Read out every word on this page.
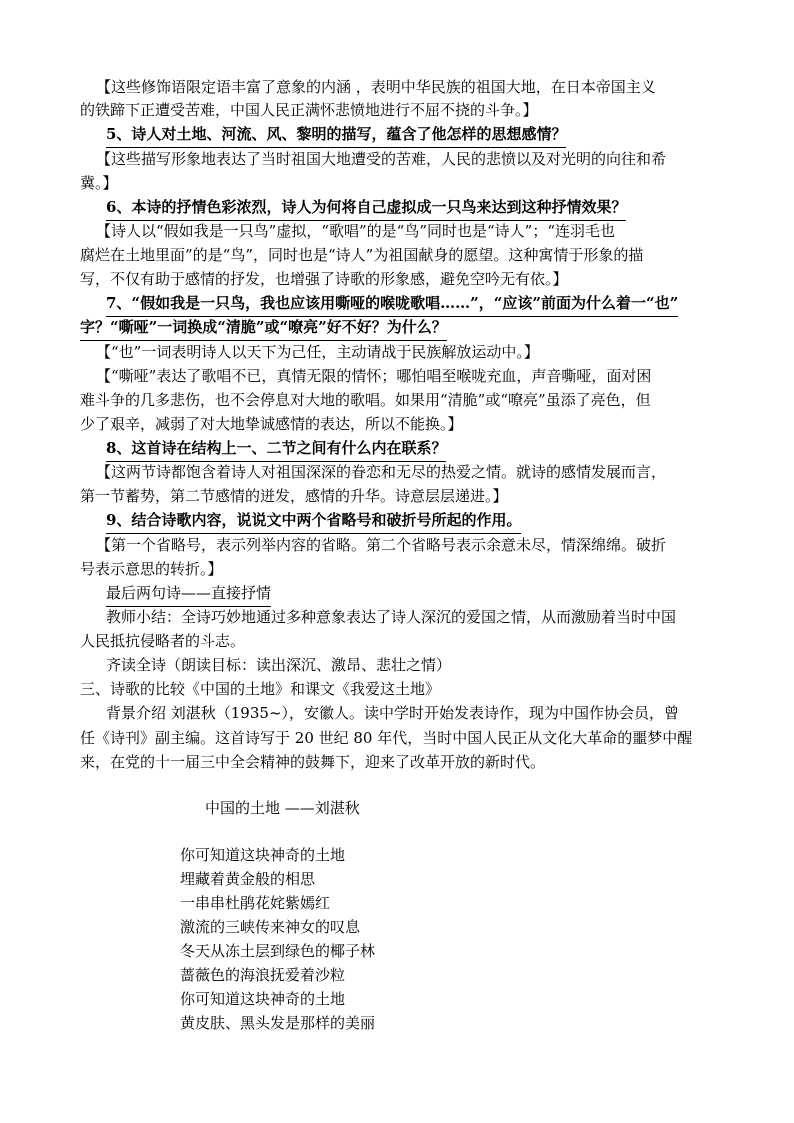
【这些修饰语限定语丰富了意象的内涵 ，表明中华民族的祖国大地，在日本帝国主义
的铁蹄下正遭受苦难，中国人民正满怀悲愤地进行不屈不挠的斗争。】
5、诗人对土地、河流、风、黎明的描写，蕴含了他怎样的思想感情？
【这些描写形象地表达了当时祖国大地遭受的苦难，人民的悲愤以及对光明的向往和希
冀。】
6、本诗的抒情色彩浓烈，诗人为何将自己虚拟成一只鸟来达到这种抒情效果？
【诗人以“假如我是一只鸟”虚拟，“歌唱”的是“鸟”同时也是“诗人”；“连羽毛也
腐烂在土地里面”的是“鸟”，同时也是“诗人”为祖国献身的愿望。这种寓情于形象的描
写，不仅有助于感情的抒发，也增强了诗歌的形象感，避免空吟无有依。】
7、“假如我是一只鸟，我也应该用嘶哑的喉咙歌唱……”，“应该”前面为什么着一“也”
字？“嘶哑”一词换成“清脆”或“嘹亮”好不好？为什么？
【“也”一词表明诗人以天下为己任，主动请战于民族解放运动中。】
【“嘶哑”表达了歌唱不已，真情无限的情怀；哪怕唱至喉咙充血，声音嘶哑，面对困
难斗争的几多悲伤，也不会停息对大地的歌唱。如果用“清脆”或“嘹亮”虽添了亮色，但
少了艰辛，减弱了对大地挚诚感情的表达，所以不能换。】
8、这首诗在结构上一、二节之间有什么内在联系？
【这两节诗都饱含着诗人对祖国深深的眷恋和无尽的热爱之情。就诗的感情发展而言，
第一节蓄势，第二节感情的迸发，感情的升华。诗意层层递进。】
9、结合诗歌内容，说说文中两个省略号和破折号所起的作用。
【第一个省略号，表示列举内容的省略。第二个省略号表示余意未尽，情深绵绵。破折
号表示意思的转折。】
最后两句诗——直接抒情
教师小结：全诗巧妙地通过多种意象表达了诗人深沉的爱国之情，从而激励着当时中国
人民抵抗侵略者的斗志。
齐读全诗（朗读目标：读出深沉、激昂、悲壮之情）
三、诗歌的比较《中国的土地》和课文《我爱这土地》
背景介绍 刘湛秋（1935~），安徽人。读中学时开始发表诗作，现为中国作协会员，曾
任《诗刊》副主编。这首诗写于 20 世纪 80 年代，当时中国人民正从文化大革命的噩梦中醒
来，在党的十一届三中全会精神的鼓舞下，迎来了改革开放的新时代。
中国的土地 ——刘湛秋
你可知道这块神奇的土地
埋藏着黄金般的相思
一串串杜鹃花姹紫嫣红
激流的三峡传来神女的叹息
冬天从冻土层到绿色的椰子林
蔷薇色的海浪抚爱着沙粒
你可知道这块神奇的土地
黄皮肤、黑头发是那样的美丽
